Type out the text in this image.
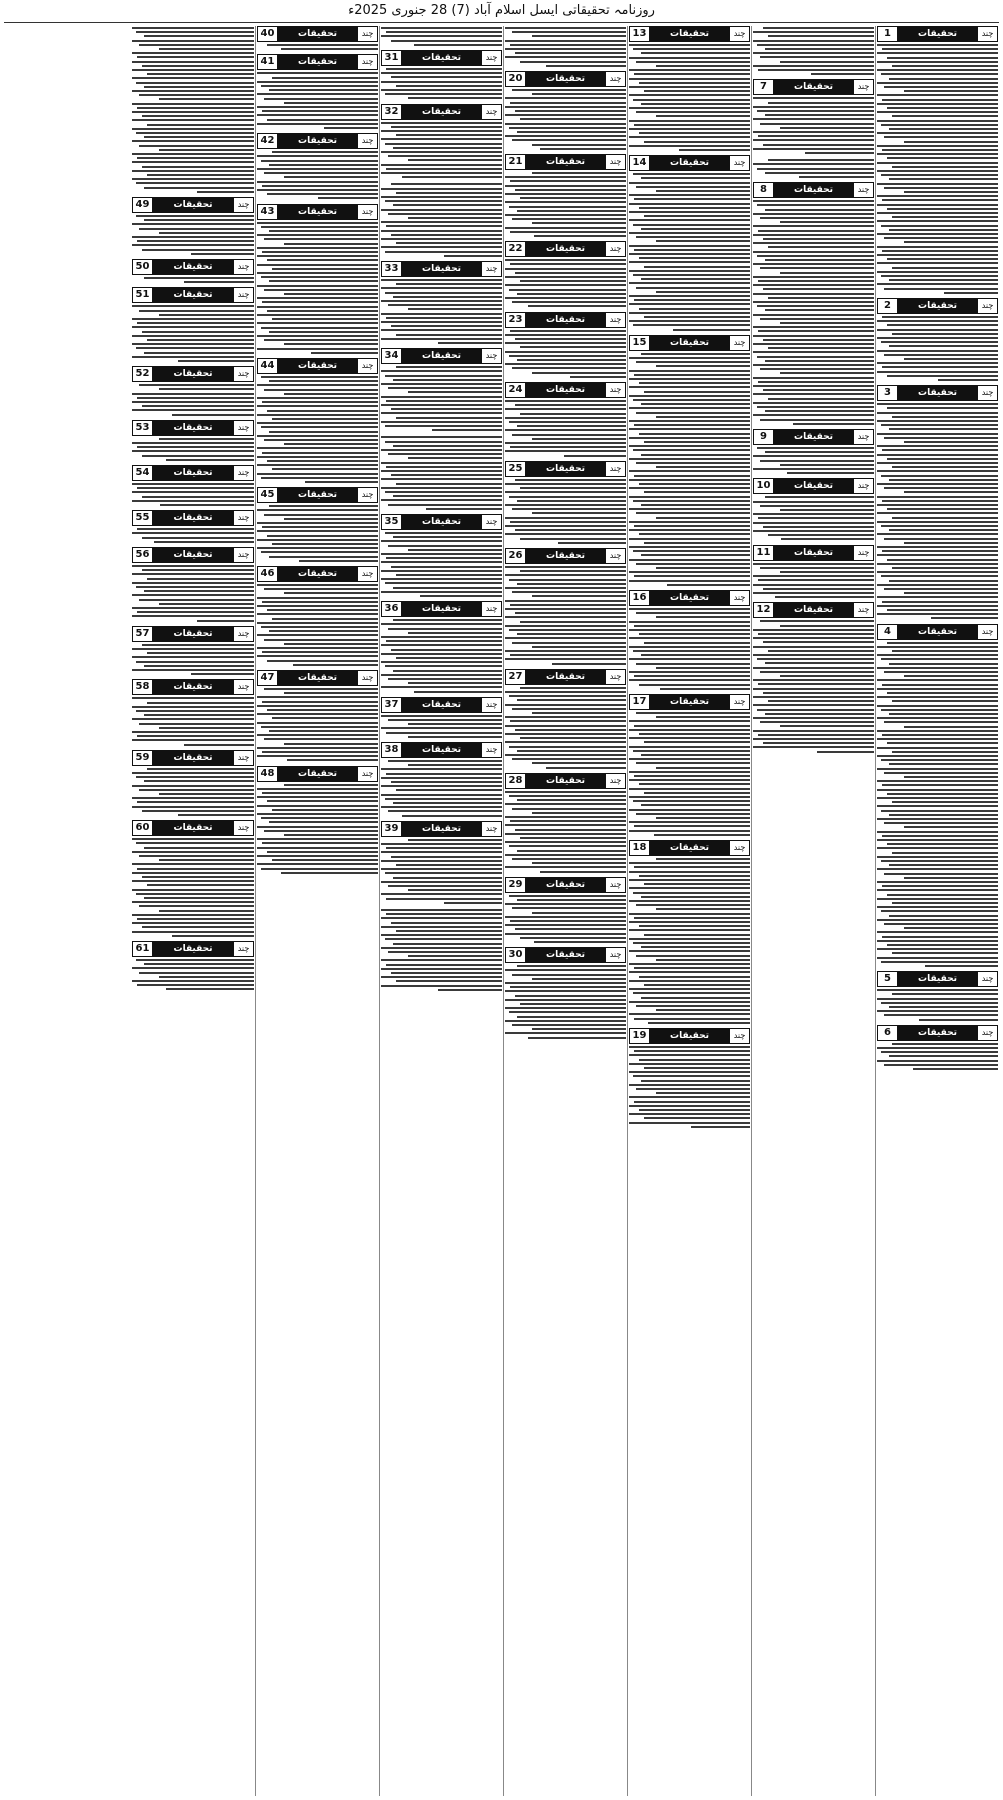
روزنامہ تحقیقاتی ایسل اسلام آباد (7) 28 جنوری 2025ء
1	تحقیقات	چند
2	تحقیقات	چند
3	تحقیقات	چند
4	تحقیقات	چند
5	تحقیقات	چند
6	تحقیقات	چند
7	تحقیقات	چند
8	تحقیقات	چند
9	تحقیقات	چند
10	تحقیقات	چند
11	تحقیقات	چند
12	تحقیقات	چند
13	تحقیقات	چند
14	تحقیقات	چند
15	تحقیقات	چند
16	تحقیقات	چند
17	تحقیقات	چند
18	تحقیقات	چند
19	تحقیقات	چند
20	تحقیقات	چند
21	تحقیقات	چند
22	تحقیقات	چند
23	تحقیقات	چند
24	تحقیقات	چند
25	تحقیقات	چند
26	تحقیقات	چند
27	تحقیقات	چند
28	تحقیقات	چند
29	تحقیقات	چند
30	تحقیقات	چند
31	تحقیقات	چند
32	تحقیقات	چند
33	تحقیقات	چند
34	تحقیقات	چند
35	تحقیقات	چند
36	تحقیقات	چند
37	تحقیقات	چند
38	تحقیقات	چند
39	تحقیقات	چند
40	تحقیقات	چند
41	تحقیقات	چند
42	تحقیقات	چند
43	تحقیقات	چند
44	تحقیقات	چند
45	تحقیقات	چند
46	تحقیقات	چند
47	تحقیقات	چند
48	تحقیقات	چند
49	تحقیقات	چند
50	تحقیقات	چند
51	تحقیقات	چند
52	تحقیقات	چند
53	تحقیقات	چند
54	تحقیقات	چند
55	تحقیقات	چند
56	تحقیقات	چند
57	تحقیقات	چند
58	تحقیقات	چند
59	تحقیقات	چند
60	تحقیقات	چند
61	تحقیقات	چند
